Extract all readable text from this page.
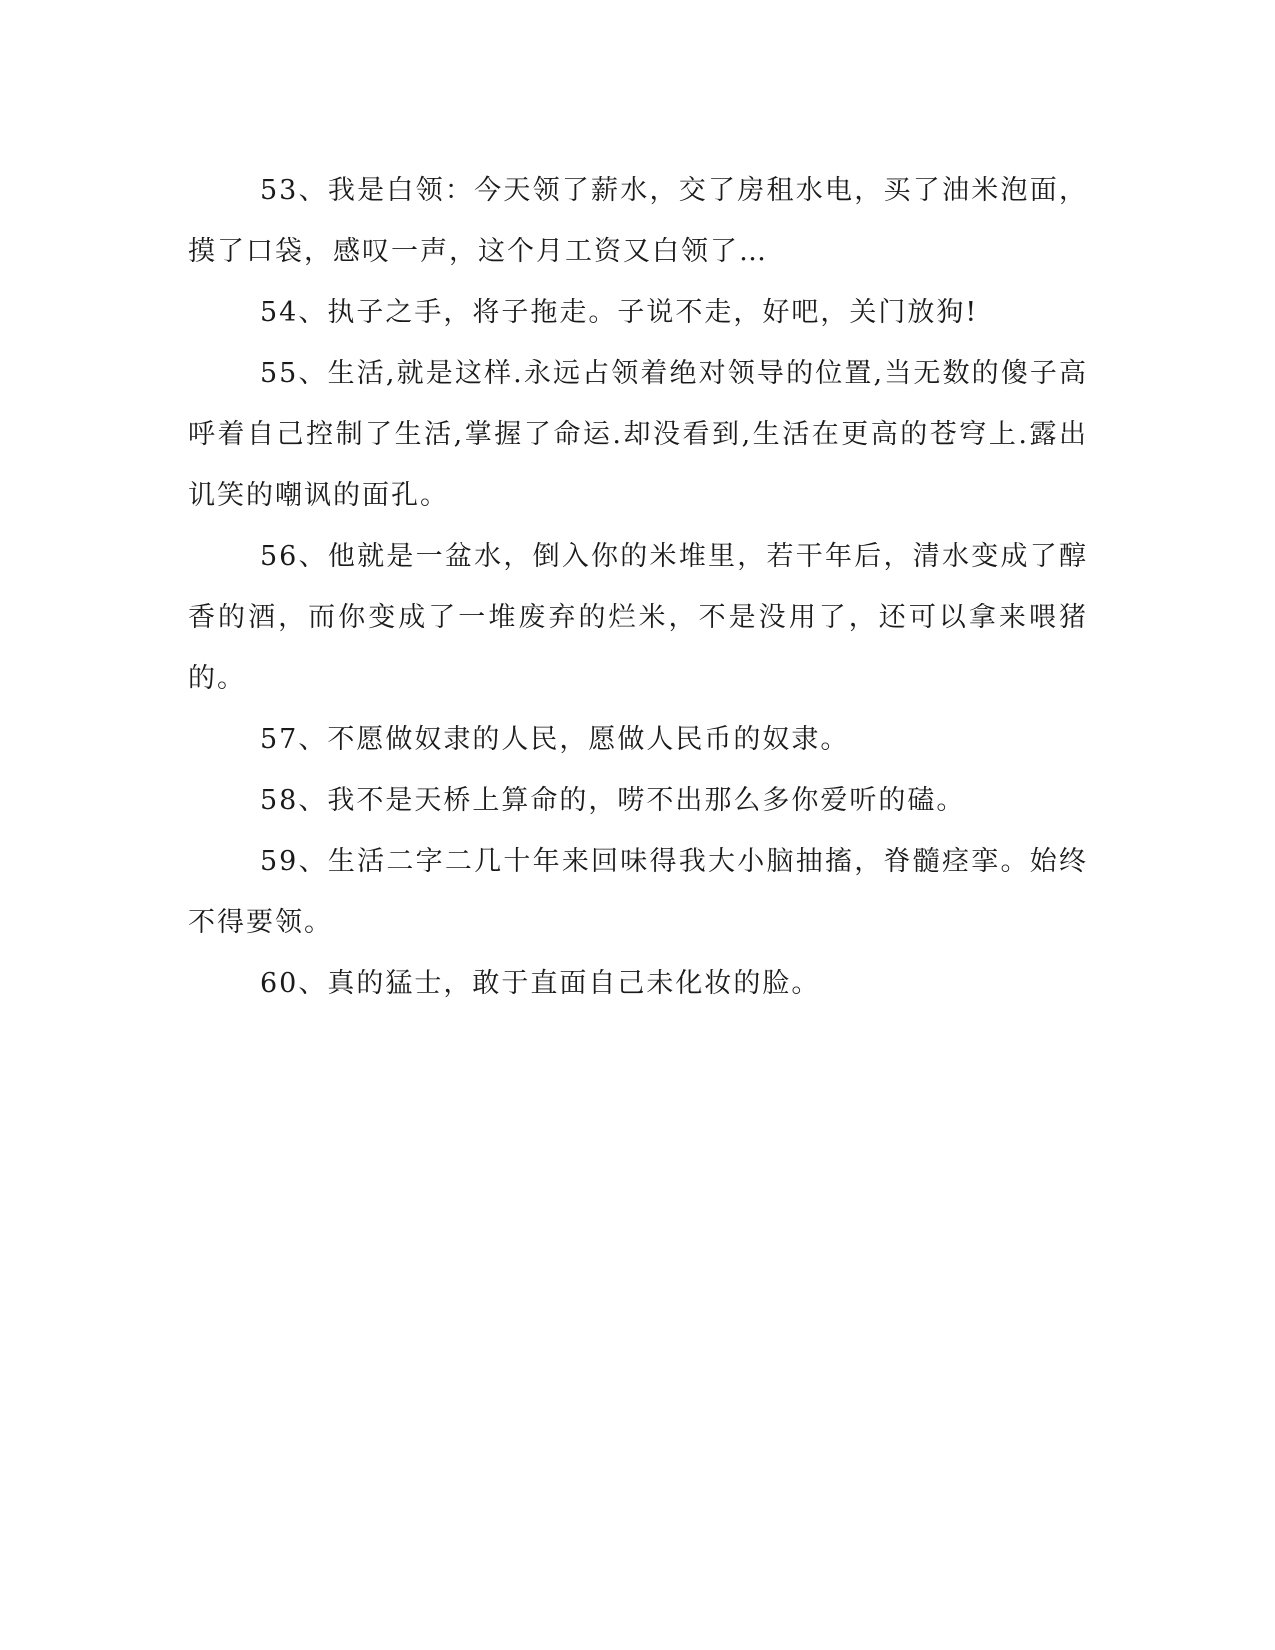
53、我是白领：今天领了薪水，交了房租水电，买了油米泡面，摸了口袋，感叹一声，这个月工资又白领了…

54、执子之手，将子拖走。子说不走，好吧，关门放狗!

55、生活,就是这样.永远占领着绝对领导的位置,当无数的傻子高呼着自己控制了生活,掌握了命运.却没看到,生活在更高的苍穹上.露出讥笑的嘲讽的面孔。

56、他就是一盆水，倒入你的米堆里，若干年后，清水变成了醇香的酒，而你变成了一堆废弃的烂米，不是没用了，还可以拿来喂猪的。

57、不愿做奴隶的人民，愿做人民币的奴隶。

58、我不是天桥上算命的，唠不出那么多你爱听的磕。

59、生活二字二几十年来回味得我大小脑抽搐，脊髓痉挛。始终不得要领。

60、真的猛士，敢于直面自己未化妆的脸。
